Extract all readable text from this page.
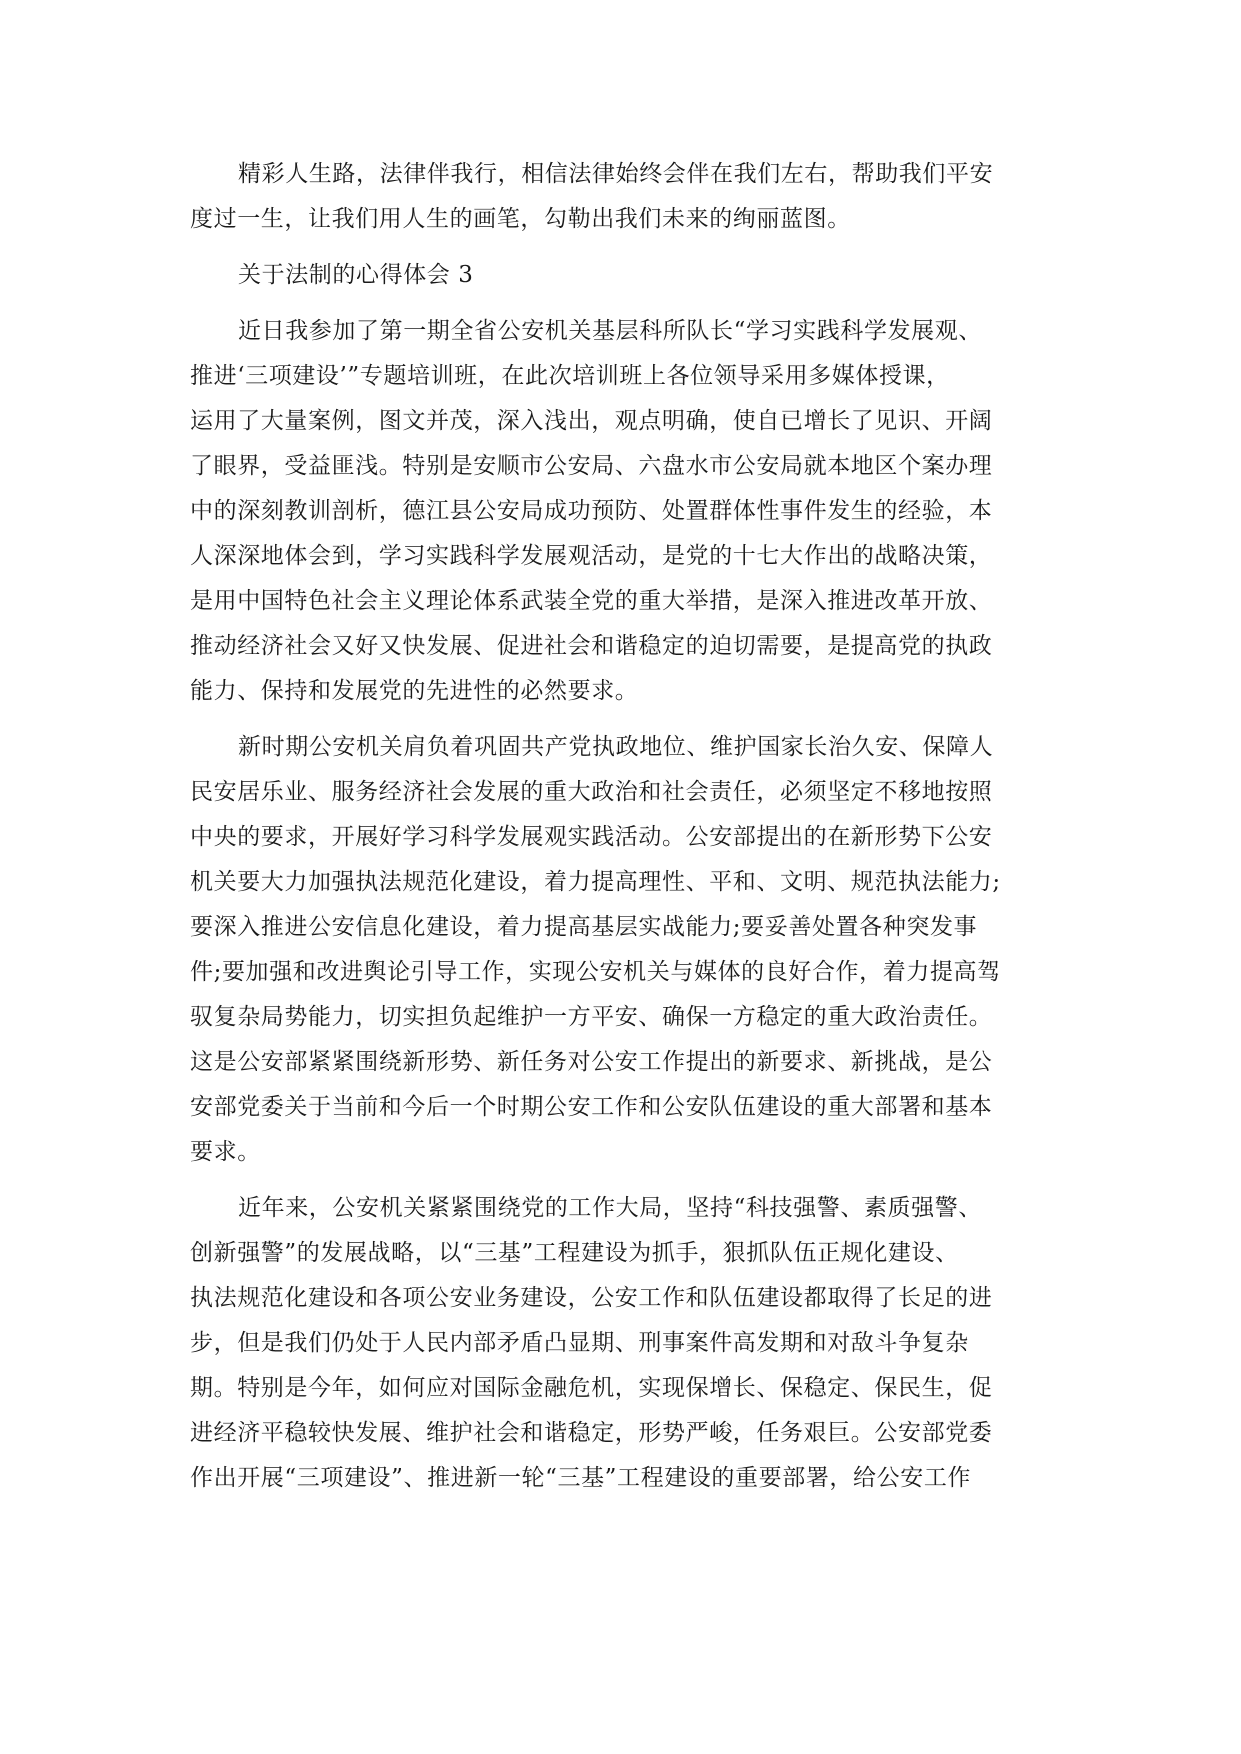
精彩人生路，法律伴我行，相信法律始终会伴在我们左右，帮助我们平安
度过一生，让我们用人生的画笔，勾勒出我们未来的绚丽蓝图。

关于法制的心得体会 3

近日我参加了第一期全省公安机关基层科所队长“学习实践科学发展观、
推进‘三项建设’”专题培训班，在此次培训班上各位领导采用多媒体授课，
运用了大量案例，图文并茂，深入浅出，观点明确，使自已增长了见识、开阔
了眼界，受益匪浅。特别是安顺市公安局、六盘水市公安局就本地区个案办理
中的深刻教训剖析，德江县公安局成功预防、处置群体性事件发生的经验，本
人深深地体会到，学习实践科学发展观活动，是党的十七大作出的战略决策，
是用中国特色社会主义理论体系武装全党的重大举措，是深入推进改革开放、
推动经济社会又好又快发展、促进社会和谐稳定的迫切需要，是提高党的执政
能力、保持和发展党的先进性的必然要求。

新时期公安机关肩负着巩固共产党执政地位、维护国家长治久安、保障人
民安居乐业、服务经济社会发展的重大政治和社会责任，必须坚定不移地按照
中央的要求，开展好学习科学发展观实践活动。公安部提出的在新形势下公安
机关要大力加强执法规范化建设，着力提高理性、平和、文明、规范执法能力;
要深入推进公安信息化建设，着力提高基层实战能力;要妥善处置各种突发事
件;要加强和改进舆论引导工作，实现公安机关与媒体的良好合作，着力提高驾
驭复杂局势能力，切实担负起维护一方平安、确保一方稳定的重大政治责任。
这是公安部紧紧围绕新形势、新任务对公安工作提出的新要求、新挑战，是公
安部党委关于当前和今后一个时期公安工作和公安队伍建设的重大部署和基本
要求。

近年来，公安机关紧紧围绕党的工作大局，坚持“科技强警、素质强警、
创新强警”的发展战略，以“三基”工程建设为抓手，狠抓队伍正规化建设、
执法规范化建设和各项公安业务建设，公安工作和队伍建设都取得了长足的进
步，但是我们仍处于人民内部矛盾凸显期、刑事案件高发期和对敌斗争复杂
期。特别是今年，如何应对国际金融危机，实现保增长、保稳定、保民生，促
进经济平稳较快发展、维护社会和谐稳定，形势严峻，任务艰巨。公安部党委
作出开展“三项建设”、推进新一轮“三基”工程建设的重要部署，给公安工作
